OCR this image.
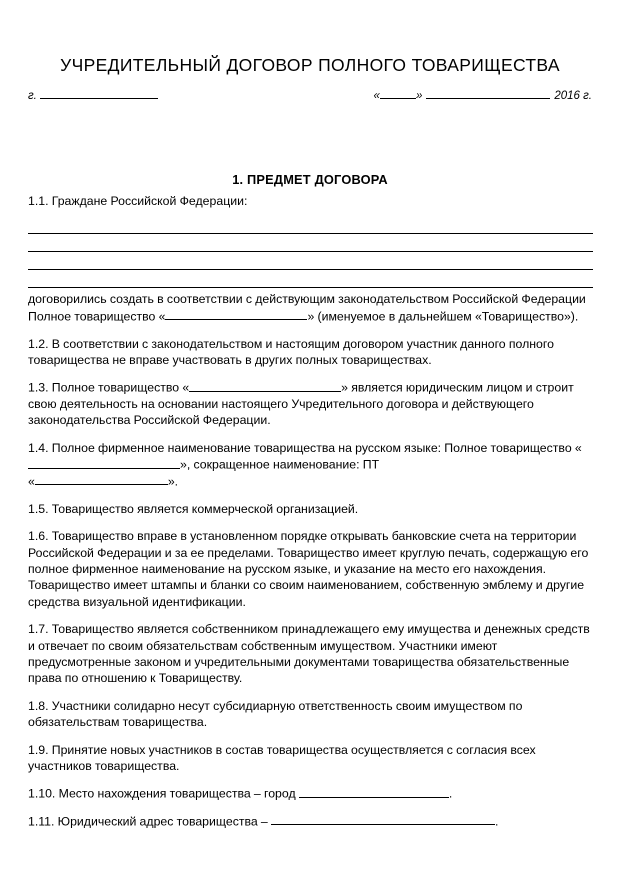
УЧРЕДИТЕЛЬНЫЙ ДОГОВОР ПОЛНОГО ТОВАРИЩЕСТВА
г.	«	»	2016 г.
1. ПРЕДМЕТ ДОГОВОРА

1.1. Граждане Российской Федерации:

договорились создать в соответствии с действующим законодательством Российской Федерации Полное товарищество «	» (именуемое в дальнейшем «Товарищество»).

1.2. В соответствии с законодательством и настоящим договором участник данного полного товарищества не вправе участвовать в других полных товариществах.

1.3. Полное товарищество «	» является юридическим лицом и строит свою деятельность на основании настоящего Учредительного договора и действующего законодательства Российской Федерации.

1.4. Полное фирменное наименование товарищества на русском языке: Полное товарищество «», сокращенное наименование: ПТ
«	».

1.5. Товарищество является коммерческой организацией.

1.6. Товарищество вправе в установленном порядке открывать банковские счета на территории Российской Федерации и за ее пределами. Товарищество имеет круглую печать, содержащую его полное фирменное наименование на русском языке, и указание на место его нахождения. Товарищество имеет штампы и бланки со своим наименованием, собственную эмблему и другие средства визуальной идентификации.

1.7. Товарищество является собственником принадлежащего ему имущества и денежных средств и отвечает по своим обязательствам собственным имуществом. Участники имеют предусмотренные законом и учредительными документами товарищества обязательственные права по отношению к Товариществу.

1.8. Участники солидарно несут субсидиарную ответственность своим имуществом по обязательствам товарищества.

1.9. Принятие новых участников в состав товарищества осуществляется с согласия всех участников товарищества.

1.10. Место нахождения товарищества – город	.

1.11. Юридический адрес товарищества –	.
